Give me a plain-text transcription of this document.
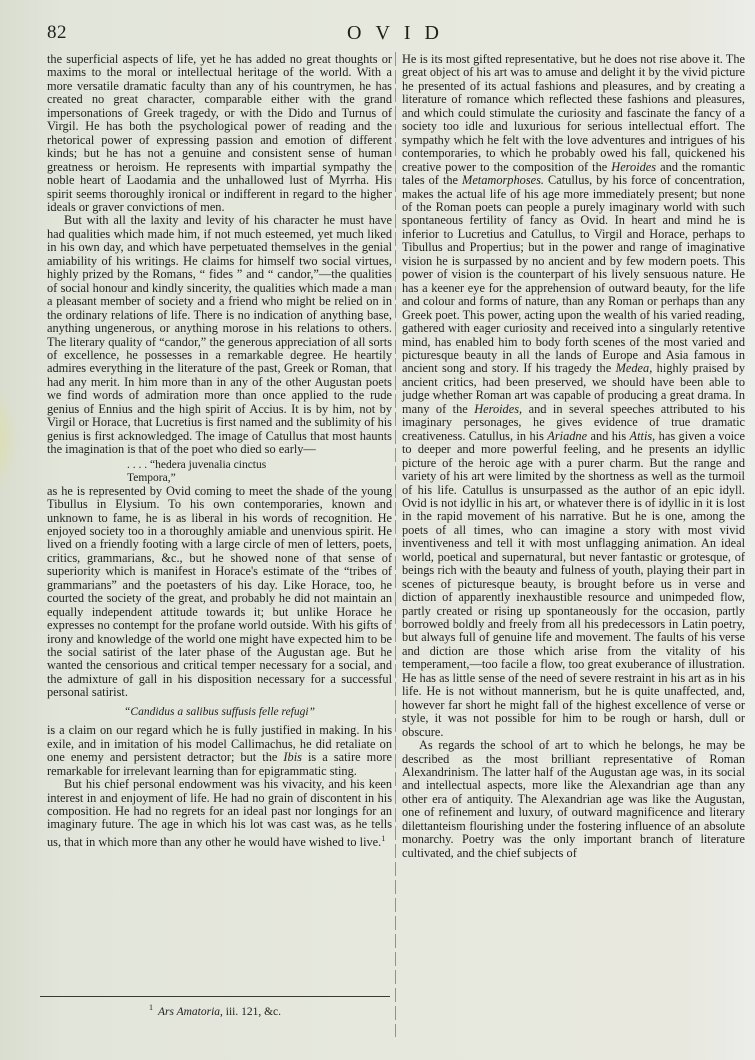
82	OVID

the superficial aspects of life, yet he has added no great thoughts or maxims to the moral or intellectual heritage of the world. With a more versatile dramatic faculty than any of his countrymen, he has created no great character, comparable either with the grand impersonations of Greek tragedy, or with the Dido and Turnus of Virgil. He has both the psychological power of reading and the rhetorical power of expressing passion and emotion of different kinds; but he has not a genuine and consistent sense of human greatness or heroism. He represents with impartial sympathy the noble heart of Laodamia and the unhallowed lust of Myrrha. His spirit seems thoroughly ironical or indifferent in regard to the higher ideals or graver convictions of men.

But with all the laxity and levity of his character he must have had qualities which made him, if not much esteemed, yet much liked in his own day, and which have perpetuated themselves in the genial amiability of his writings. He claims for himself two social virtues, highly prized by the Romans, “ fides ” and “ candor,”—the qualities of social honour and kindly sincerity, the qualities which made a man a pleasant member of society and a friend who might be relied on in the ordinary relations of life. There is no indication of anything base, anything ungenerous, or anything morose in his relations to others. The literary quality of “candor,” the generous appreciation of all sorts of excellence, he possesses in a remarkable degree. He heartily admires everything in the literature of the past, Greek or Roman, that had any merit. In him more than in any of the other Augustan poets we find words of admiration more than once applied to the rude genius of Ennius and the high spirit of Accius. It is by him, not by Virgil or Horace, that Lucretius is first named and the sublimity of his genius is first acknowledged. The image of Catullus that most haunts the imagination is that of the poet who died so early—

. . . . “hedera juvenalia cinctus
Tempora,”

as he is represented by Ovid coming to meet the shade of the young Tibullus in Elysium. To his own contemporaries, known and unknown to fame, he is as liberal in his words of recognition. He enjoyed society too in a thoroughly amiable and unenvious spirit. He lived on a friendly footing with a large circle of men of letters, poets, critics, grammarians, &c., but he showed none of that sense of superiority which is manifest in Horace's estimate of the “tribes of grammarians” and the poetasters of his day. Like Horace, too, he courted the society of the great, and probably he did not maintain an equally independent attitude towards it; but unlike Horace he expresses no contempt for the profane world outside. With his gifts of irony and knowledge of the world one might have expected him to be the social satirist of the later phase of the Augustan age. But he wanted the censorious and critical temper necessary for a social, and the admixture of gall in his disposition necessary for a successful personal satirist.

“Candidus a salibus suffusis felle refugi”

is a claim on our regard which he is fully justified in making. In his exile, and in imitation of his model Callimachus, he did retaliate on one enemy and persistent detractor; but the Ibis is a satire more remarkable for irrelevant learning than for epigrammatic sting.

But his chief personal endowment was his vivacity, and his keen interest in and enjoyment of life. He had no grain of discontent in his composition. He had no regrets for an ideal past nor longings for an imaginary future. The age in which his lot was cast was, as he tells us, that in which more than any other he would have wished to live.$^1$

He is its most gifted representative, but he does not rise above it. The great object of his art was to amuse and delight it by the vivid picture he presented of its actual fashions and pleasures, and by creating a literature of romance which reflected these fashions and pleasures, and which could stimulate the curiosity and fascinate the fancy of a society too idle and luxurious for serious intellectual effort. The sympathy which he felt with the love adventures and intrigues of his contemporaries, to which he probably owed his fall, quickened his creative power to the composition of the Heroides and the romantic tales of the Metamorphoses. Catullus, by his force of concentration, makes the actual life of his age more immediately present; but none of the Roman poets can people a purely imaginary world with such spontaneous fertility of fancy as Ovid. In heart and mind he is inferior to Lucretius and Catullus, to Virgil and Horace, perhaps to Tibullus and Propertius; but in the power and range of imaginative vision he is surpassed by no ancient and by few modern poets. This power of vision is the counterpart of his lively sensuous nature. He has a keener eye for the apprehension of outward beauty, for the life and colour and forms of nature, than any Roman or perhaps than any Greek poet. This power, acting upon the wealth of his varied reading, gathered with eager curiosity and received into a singularly retentive mind, has enabled him to body forth scenes of the most varied and picturesque beauty in all the lands of Europe and Asia famous in ancient song and story. If his tragedy the Medea, highly praised by ancient critics, had been preserved, we should have been able to judge whether Roman art was capable of producing a great drama. In many of the Heroides, and in several speeches attributed to his imaginary personages, he gives evidence of true dramatic creativeness. Catullus, in his Ariadne and his Attis, has given a voice to deeper and more powerful feeling, and he presents an idyllic picture of the heroic age with a purer charm. But the range and variety of his art were limited by the shortness as well as the turmoil of his life. Catullus is unsurpassed as the author of an epic idyll. Ovid is not idyllic in his art, or whatever there is of idyllic in it is lost in the rapid movement of his narrative. But he is one, among the poets of all times, who can imagine a story with most vivid inventiveness and tell it with most unflagging animation. An ideal world, poetical and supernatural, but never fantastic or grotesque, of beings rich with the beauty and fulness of youth, playing their part in scenes of picturesque beauty, is brought before us in verse and diction of apparently inexhaustible resource and unimpeded flow, partly created or rising up spontaneously for the occasion, partly borrowed boldly and freely from all his predecessors in Latin poetry, but always full of genuine life and movement. The faults of his verse and diction are those which arise from the vitality of his temperament,—too facile a flow, too great exuberance of illustration. He has as little sense of the need of severe restraint in his art as in his life. He is not without mannerism, but he is quite unaffected, and, however far short he might fall of the highest excellence of verse or style, it was not possible for him to be rough or harsh, dull or obscure.

As regards the school of art to which he belongs, he may be described as the most brilliant representative of Roman Alexandrinism. The latter half of the Augustan age was, in its social and intellectual aspects, more like the Alexandrian age than any other era of antiquity. The Alexandrian age was like the Augustan, one of refinement and luxury, of outward magnificence and literary dilettanteism flourishing under the fostering influence of an absolute monarchy. Poetry was the only important branch of literature cultivated, and the chief subjects of

$^1$ Ars Amatoria, iii. 121, &c.
